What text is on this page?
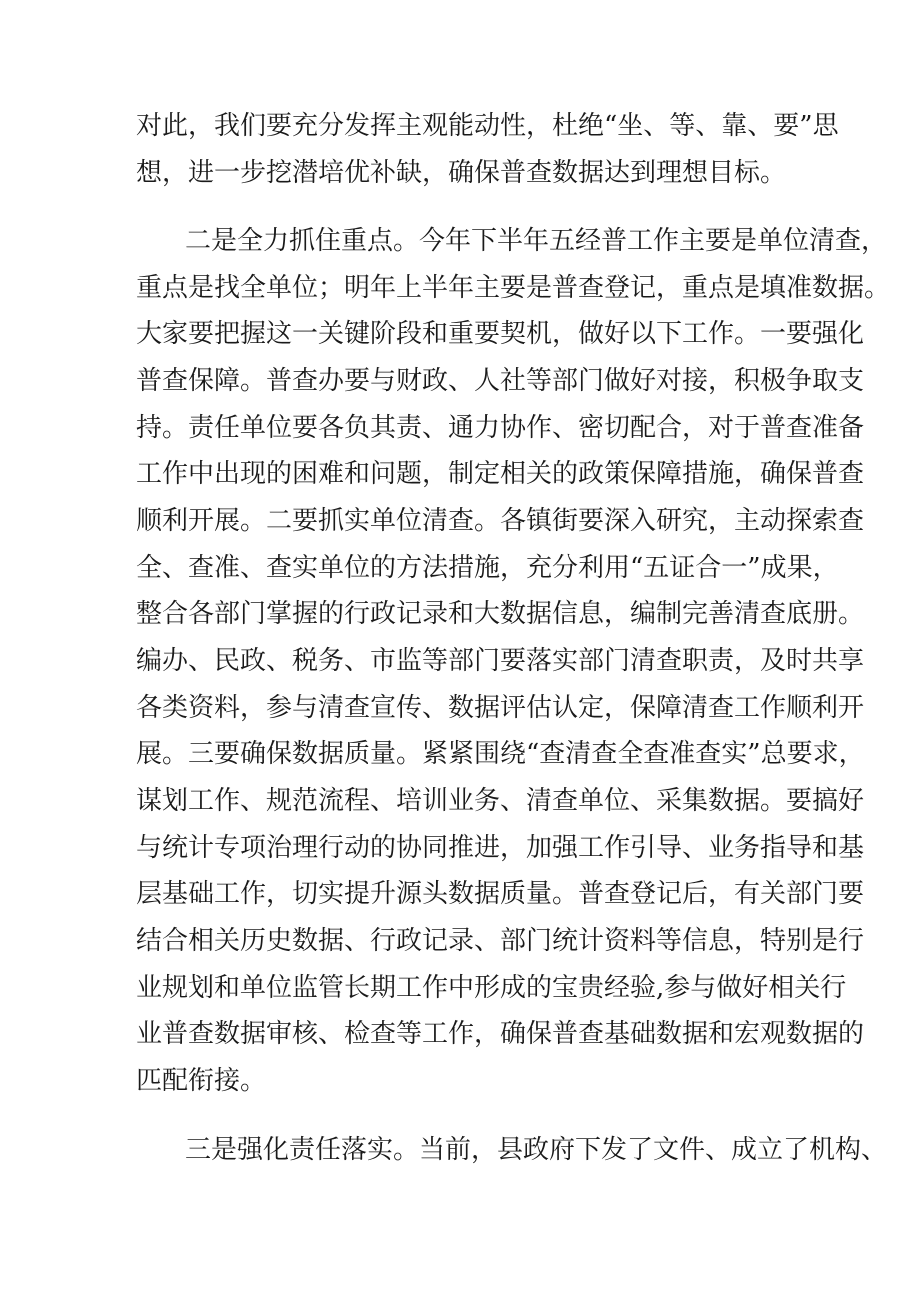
对此，我们要充分发挥主观能动性，杜绝“坐、等、靠、要”思
想，进一步挖潜培优补缺，确保普查数据达到理想目标。
二是全力抓住重点。今年下半年五经普工作主要是单位清查，
重点是找全单位；明年上半年主要是普查登记，重点是填准数据。
大家要把握这一关键阶段和重要契机，做好以下工作。一要强化
普查保障。普查办要与财政、人社等部门做好对接，积极争取支
持。责任单位要各负其责、通力协作、密切配合，对于普查准备
工作中出现的困难和问题，制定相关的政策保障措施，确保普查
顺利开展。二要抓实单位清查。各镇街要深入研究，主动探索查
全、查准、查实单位的方法措施，充分利用“五证合一”成果，
整合各部门掌握的行政记录和大数据信息，编制完善清查底册。
编办、民政、税务、市监等部门要落实部门清查职责，及时共享
各类资料，参与清查宣传、数据评估认定，保障清查工作顺利开
展。三要确保数据质量。紧紧围绕“查清查全查准查实”总要求，
谋划工作、规范流程、培训业务、清查单位、采集数据。要搞好
与统计专项治理行动的协同推进，加强工作引导、业务指导和基
层基础工作，切实提升源头数据质量。普查登记后，有关部门要
结合相关历史数据、行政记录、部门统计资料等信息，特别是行
业规划和单位监管长期工作中形成的宝贵经验,参与做好相关行
业普查数据审核、检查等工作，确保普查基础数据和宏观数据的
匹配衔接。
三是强化责任落实。当前，县政府下发了文件、成立了机构、
